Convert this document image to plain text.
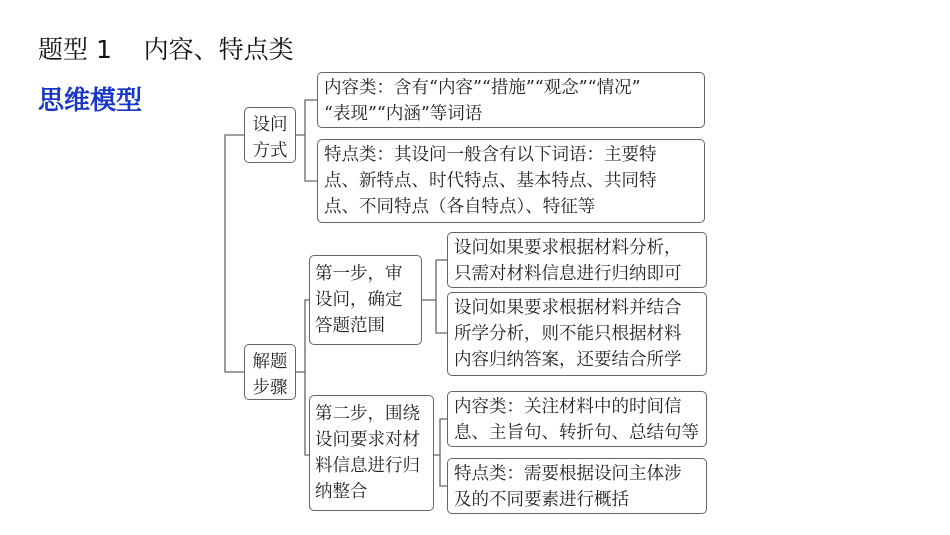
题型 1    内容、特点类
思维模型
设问方式
解题步骤
内容类：含有“内容”“措施”“观念”“情况”
“表现”“内涵”等词语
特点类：其设问一般含有以下词语：主要特
点、新特点、时代特点、基本特点、共同特
点、不同特点（各自特点）、特征等
第一步，审
设问，确定
答题范围
设问如果要求根据材料分析，
只需对材料信息进行归纳即可
设问如果要求根据材料并结合
所学分析，则不能只根据材料
内容归纳答案，还要结合所学
第二步，围绕
设问要求对材
料信息进行归
纳整合
内容类：关注材料中的时间信
息、主旨句、转折句、总结句等
特点类：需要根据设问主体涉
及的不同要素进行概括
